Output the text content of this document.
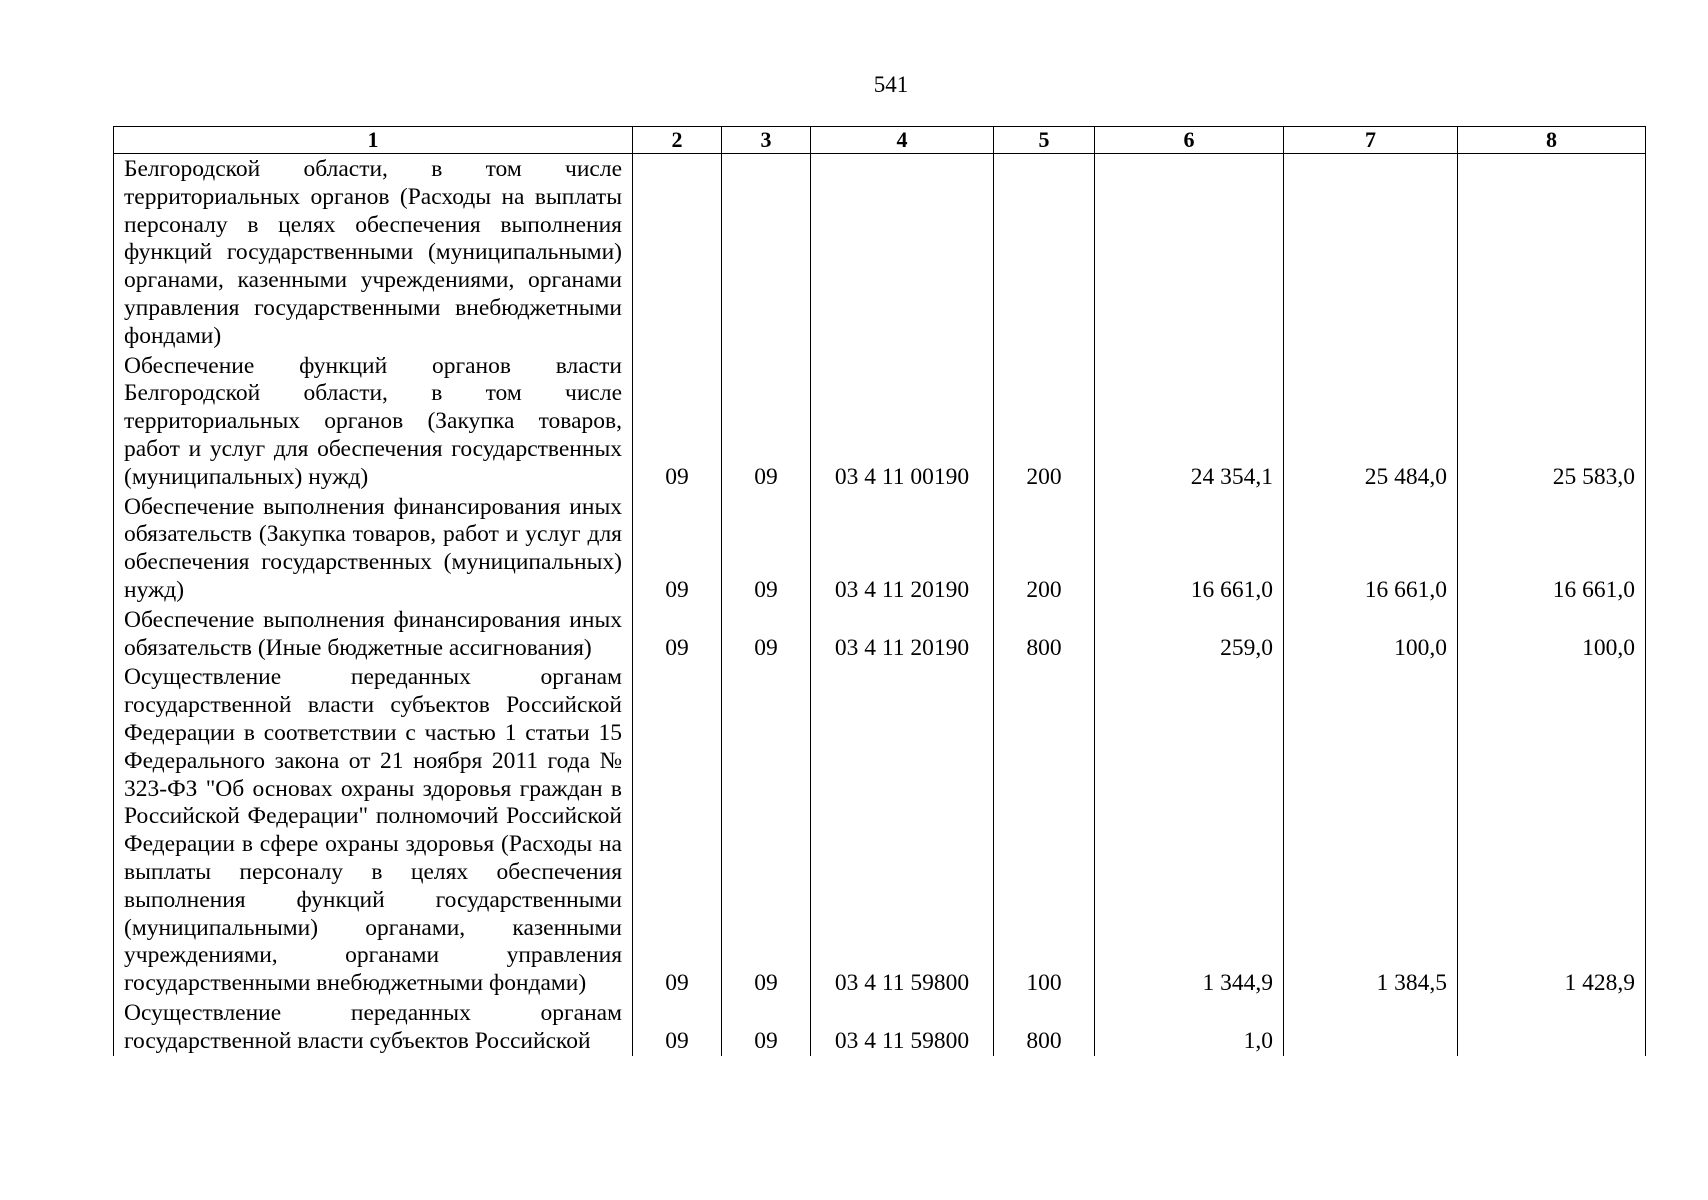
541
1	2	3	4	5	6	7	8
Белгородской области, в том числе территориальных органов (Расходы на выплаты персоналу в целях обеспечения выполнения функций государственными (муниципальными) органами, казенными учреждениями, органами управления государственными внебюджетными фондами)							
Обеспечение функций органов власти Белгородской области, в том числе территориальных органов (Закупка товаров, работ и услуг для обеспечения государственных (муниципальных) нужд)	09	09	03 4 11 00190	200	24 354,1	25 484,0	25 583,0
Обеспечение выполнения финансирования иных обязательств (Закупка товаров, работ и услуг для обеспечения государственных (муниципальных) нужд)	09	09	03 4 11 20190	200	16 661,0	16 661,0	16 661,0
Обеспечение выполнения финансирования иных обязательств (Иные бюджетные ассигнования)	09	09	03 4 11 20190	800	259,0	100,0	100,0
Осуществление переданных органам государственной власти субъектов Российской Федерации в соответствии с частью 1 статьи 15 Федерального закона от 21 ноября 2011 года № 323-ФЗ "Об основах охраны здоровья граждан в Российской Федерации" полномочий Российской Федерации в сфере охраны здоровья (Расходы на выплаты персоналу в целях обеспечения выполнения функций государственными (муниципальными) органами, казенными учреждениями, органами управления государственными внебюджетными фондами)	09	09	03 4 11 59800	100	1 344,9	1 384,5	1 428,9
Осуществление переданных органам государственной власти субъектов Российской	09	09	03 4 11 59800	800	1,0		
